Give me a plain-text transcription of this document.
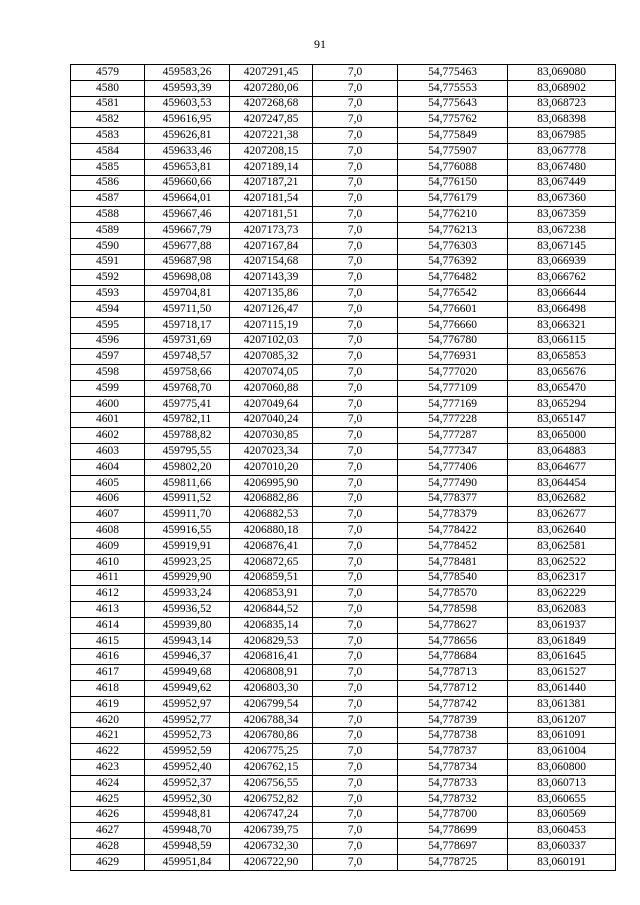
91
4579	459583,26	4207291,45	7,0	54,775463	83,069080
4580	459593,39	4207280,06	7,0	54,775553	83,068902
4581	459603,53	4207268,68	7,0	54,775643	83,068723
4582	459616,95	4207247,85	7,0	54,775762	83,068398
4583	459626,81	4207221,38	7,0	54,775849	83,067985
4584	459633,46	4207208,15	7,0	54,775907	83,067778
4585	459653,81	4207189,14	7,0	54,776088	83,067480
4586	459660,66	4207187,21	7,0	54,776150	83,067449
4587	459664,01	4207181,54	7,0	54,776179	83,067360
4588	459667,46	4207181,51	7,0	54,776210	83,067359
4589	459667,79	4207173,73	7,0	54,776213	83,067238
4590	459677,88	4207167,84	7,0	54,776303	83,067145
4591	459687,98	4207154,68	7,0	54,776392	83,066939
4592	459698,08	4207143,39	7,0	54,776482	83,066762
4593	459704,81	4207135,86	7,0	54,776542	83,066644
4594	459711,50	4207126,47	7,0	54,776601	83,066498
4595	459718,17	4207115,19	7,0	54,776660	83,066321
4596	459731,69	4207102,03	7,0	54,776780	83,066115
4597	459748,57	4207085,32	7,0	54,776931	83,065853
4598	459758,66	4207074,05	7,0	54,777020	83,065676
4599	459768,70	4207060,88	7,0	54,777109	83,065470
4600	459775,41	4207049,64	7,0	54,777169	83,065294
4601	459782,11	4207040,24	7,0	54,777228	83,065147
4602	459788,82	4207030,85	7,0	54,777287	83,065000
4603	459795,55	4207023,34	7,0	54,777347	83,064883
4604	459802,20	4207010,20	7,0	54,777406	83,064677
4605	459811,66	4206995,90	7,0	54,777490	83,064454
4606	459911,52	4206882,86	7,0	54,778377	83,062682
4607	459911,70	4206882,53	7,0	54,778379	83,062677
4608	459916,55	4206880,18	7,0	54,778422	83,062640
4609	459919,91	4206876,41	7,0	54,778452	83,062581
4610	459923,25	4206872,65	7,0	54,778481	83,062522
4611	459929,90	4206859,51	7,0	54,778540	83,062317
4612	459933,24	4206853,91	7,0	54,778570	83,062229
4613	459936,52	4206844,52	7,0	54,778598	83,062083
4614	459939,80	4206835,14	7,0	54,778627	83,061937
4615	459943,14	4206829,53	7,0	54,778656	83,061849
4616	459946,37	4206816,41	7,0	54,778684	83,061645
4617	459949,68	4206808,91	7,0	54,778713	83,061527
4618	459949,62	4206803,30	7,0	54,778712	83,061440
4619	459952,97	4206799,54	7,0	54,778742	83,061381
4620	459952,77	4206788,34	7,0	54,778739	83,061207
4621	459952,73	4206780,86	7,0	54,778738	83,061091
4622	459952,59	4206775,25	7,0	54,778737	83,061004
4623	459952,40	4206762,15	7,0	54,778734	83,060800
4624	459952,37	4206756,55	7,0	54,778733	83,060713
4625	459952,30	4206752,82	7,0	54,778732	83,060655
4626	459948,81	4206747,24	7,0	54,778700	83,060569
4627	459948,70	4206739,75	7,0	54,778699	83,060453
4628	459948,59	4206732,30	7,0	54,778697	83,060337
4629	459951,84	4206722,90	7,0	54,778725	83,060191
